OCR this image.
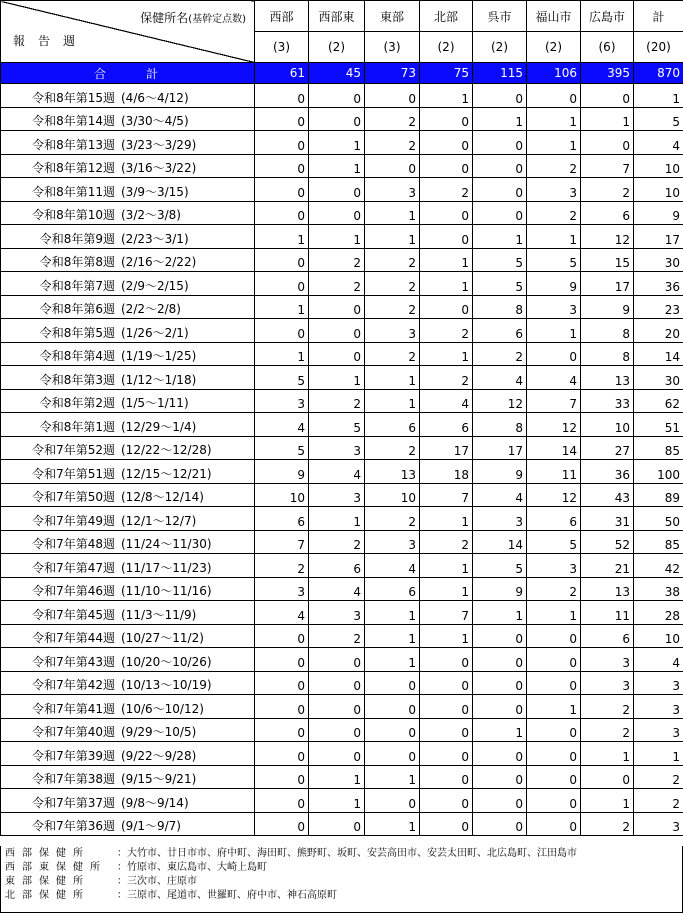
保健所名(基幹定点数)
報告週	西部	西部東	東部	北部	呉市	福山市	広島市	計
	(3)	(2)	(3)	(2)	(2)	(2)	(6)	(20)
合計	61	45	73	75	115	106	395	870
令和8年第15週 (4/6～4/12)	0	0	0	1	0	0	0	1
令和8年第14週 (3/30～4/5)	0	0	2	0	1	1	1	5
令和8年第13週 (3/23～3/29)	0	1	2	0	0	1	0	4
令和8年第12週 (3/16～3/22)	0	1	0	0	0	2	7	10
令和8年第11週 (3/9～3/15)	0	0	3	2	0	3	2	10
令和8年第10週 (3/2～3/8)	0	0	1	0	0	2	6	9
令和8年第9週 (2/23～3/1)	1	1	1	0	1	1	12	17
令和8年第8週 (2/16～2/22)	0	2	2	1	5	5	15	30
令和8年第7週 (2/9～2/15)	0	2	2	1	5	9	17	36
令和8年第6週 (2/2～2/8)	1	0	2	0	8	3	9	23
令和8年第5週 (1/26～2/1)	0	0	3	2	6	1	8	20
令和8年第4週 (1/19～1/25)	1	0	2	1	2	0	8	14
令和8年第3週 (1/12～1/18)	5	1	1	2	4	4	13	30
令和8年第2週 (1/5～1/11)	3	2	1	4	12	7	33	62
令和8年第1週 (12/29～1/4)	4	5	6	6	8	12	10	51
令和7年第52週 (12/22～12/28)	5	3	2	17	17	14	27	85
令和7年第51週 (12/15～12/21)	9	4	13	18	9	11	36	100
令和7年第50週 (12/8～12/14)	10	3	10	7	4	12	43	89
令和7年第49週 (12/1～12/7)	6	1	2	1	3	6	31	50
令和7年第48週 (11/24～11/30)	7	2	3	2	14	5	52	85
令和7年第47週 (11/17～11/23)	2	6	4	1	5	3	21	42
令和7年第46週 (11/10～11/16)	3	4	6	1	9	2	13	38
令和7年第45週 (11/3～11/9)	4	3	1	7	1	1	11	28
令和7年第44週 (10/27～11/2)	0	2	1	1	0	0	6	10
令和7年第43週 (10/20～10/26)	0	0	1	0	0	0	3	4
令和7年第42週 (10/13～10/19)	0	0	0	0	0	0	3	3
令和7年第41週 (10/6～10/12)	0	0	0	0	0	1	2	3
令和7年第40週 (9/29～10/5)	0	0	0	0	1	0	2	3
令和7年第39週 (9/22～9/28)	0	0	0	0	0	0	1	1
令和7年第38週 (9/15～9/21)	0	1	1	0	0	0	0	2
令和7年第37週 (9/8～9/14)	0	1	0	0	0	0	1	2
令和7年第36週 (9/1～9/7)	0	0	1	0	0	0	2	3
西部保健所	： 大竹市、廿日市市、府中町、海田町、熊野町、坂町、安芸高田市、安芸太田町、北広島町、江田島市
西部東保健所	： 竹原市、東広島市、大崎上島町
東部保健所	： 三次市、庄原市
北部保健所	： 三原市、尾道市、世羅町、府中市、神石高原町
